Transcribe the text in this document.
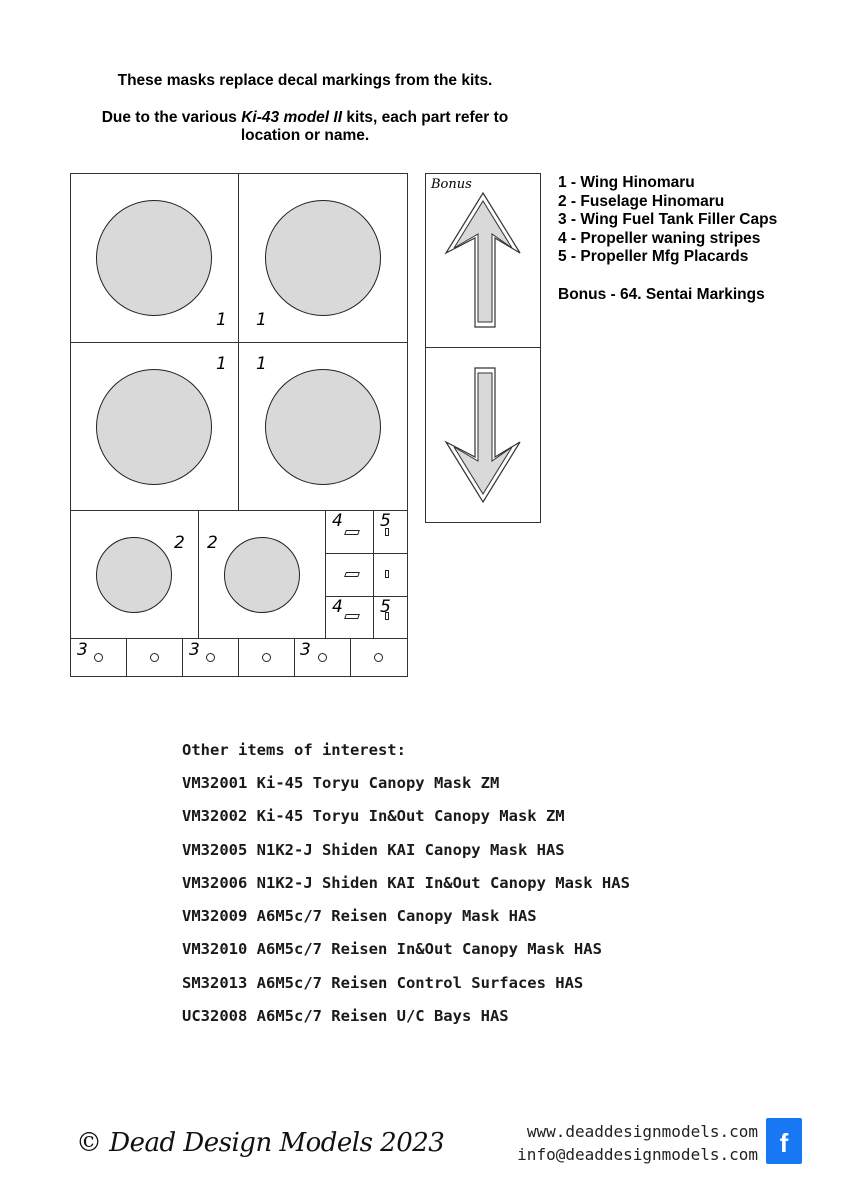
These masks replace decal markings from the kits.
Due to the various Ki-43 model II kits, each part refer to
location or name.
1 1
1 1
2 2
4 5
4 5
3	3	3
Bonus	1 - Wing Hinomaru
2 - Fuselage Hinomaru
3 - Wing Fuel Tank Filler Caps
4 - Propeller waning stripes
5 - Propeller Mfg Placards
Bonus - 64. Sentai Markings
Other items of interest:
VM32001 Ki-45 Toryu Canopy Mask ZM
VM32002 Ki-45 Toryu In&Out Canopy Mask ZM
VM32005 N1K2-J Shiden KAI Canopy Mask HAS
VM32006 N1K2-J Shiden KAI In&Out Canopy Mask HAS
VM32009 A6M5c/7 Reisen Canopy Mask HAS
VM32010 A6M5c/7 Reisen In&Out Canopy Mask HAS
SM32013 A6M5c/7 Reisen Control Surfaces HAS
UC32008 A6M5c/7 Reisen U/C Bays HAS
© Dead Design Models 2023	www.deaddesignmodels.com
info@deaddesignmodels.com f
